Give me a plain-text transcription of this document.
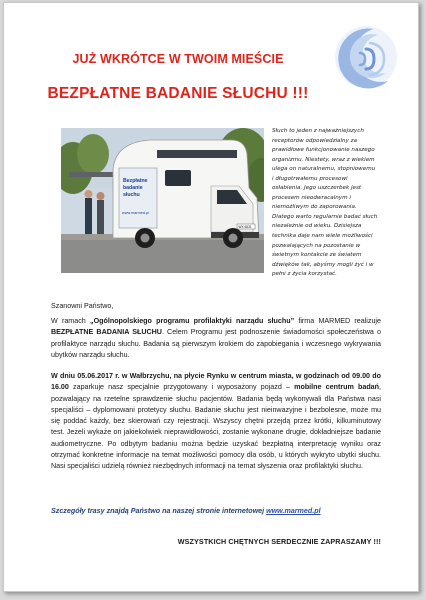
JUŻ WKRÓTCE W TWOIM MIEŚCIE
BEZPŁATNE BADANIE SŁUCHU !!!
Bezpłatne
badanie
słuchu
www.marmed.pl
WX 6831
Słuch to jeden z najważniejszych receptorów odpowiedzialny za prawidłowe funkcjonowanie naszego organizmu. Niestety, wraz z wiekiem ulega on naturalnemu, stopniowemu i długotrwałemu procesowi osłabienia. Jego uszczerbek jest procesem nieodwracalnym i niemożliwym do zaporowania. Dlatego warto regularnie badać słuch niezależnie od wieku. Dzisiejsza technika daje nam wiele możliwości pozwalających na pozostanie w świetnym kontakcie ze światem dźwięków tak, abyśmy mogli żyć i w pełni z życia korzystać.
Szanowni Państwo,
W ramach „Ogólnopolskiego programu profilaktyki narządu słuchu” firma MARMED realizuje BEZPŁATNE BADANIA SŁUCHU. Celem Programu jest podnoszenie świadomości społeczeństwa o profilaktyce narządu słuchu. Badania są pierwszym krokiem do zapobiegania i wczesnego wykrywania ubytków narządu słuchu.
W dniu 05.06.2017 r. w Wałbrzychu, na płycie Rynku w centrum miasta, w godzinach od 09.00 do 16.00 zaparkuje nasz specjalnie przygotowany i wyposażony pojazd – mobilne centrum badań, pozwalający na rzetelne sprawdzenie słuchu pacjentów. Badania będą wykonywali dla Państwa nasi specjaliści – dyplomowani protetycy słuchu. Badanie słuchu jest nieinwazyjne i bezbolesne, może mu się poddać każdy, bez skierowań czy rejestracji. Wszyscy chętni przejdą przez krótki, kilkuminutowy test. Jeżeli wykaże on jakiekolwiek nieprawidłowości, zostanie wykonane drugie, dokładniejsze badanie audiometryczne. Po odbytym badaniu można będzie uzyskać bezpłatną interpretację wyniku oraz otrzymać konkretne informacje na temat możliwości pomocy dla osób, u których wykryto ubytki słuchu. Nasi specjaliści udzielą również niezbędnych informacji na temat słyszenia oraz profilaktyki słuchu.
Szczegóły trasy znajdą Państwo na naszej stronie internetowej www.marmed.pl
WSZYSTKICH CHĘTNYCH SERDECZNIE ZAPRASZAMY !!!
